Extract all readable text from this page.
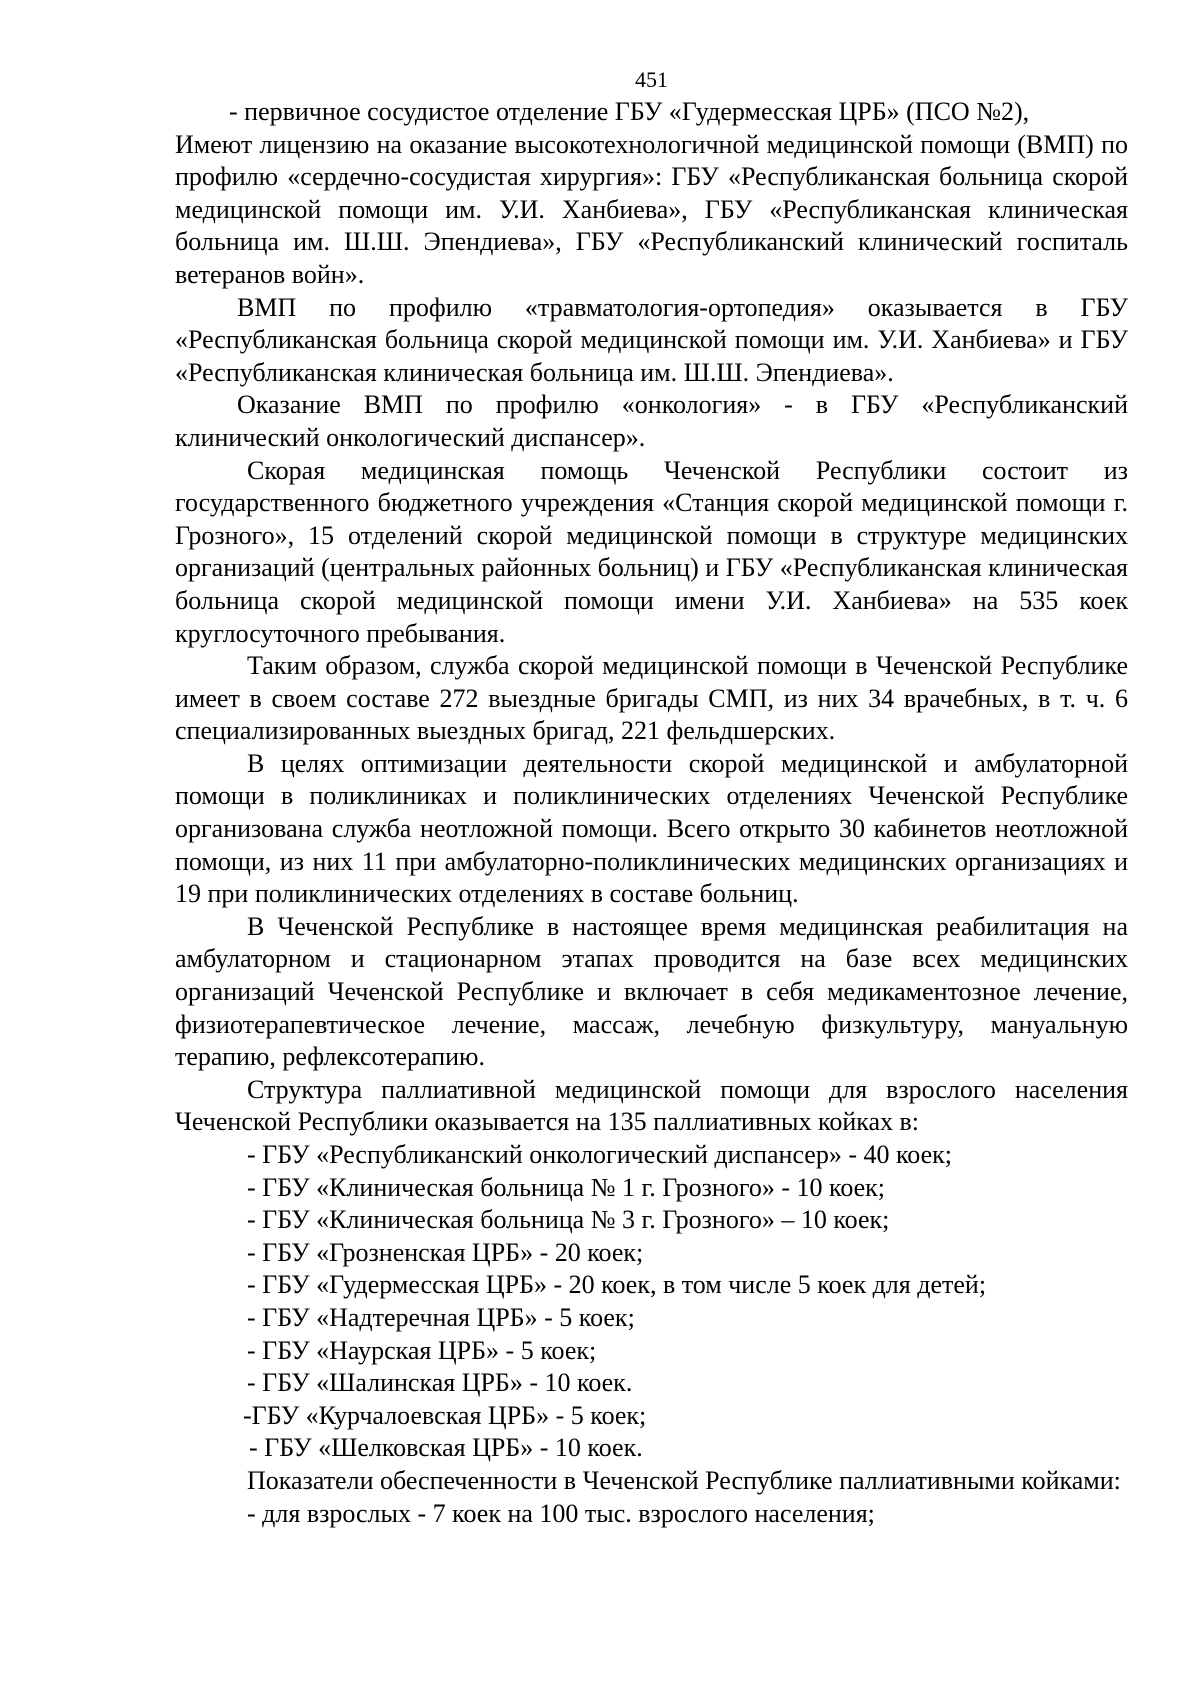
451

- первичное сосудистое отделение ГБУ «Гудермесская ЦРБ» (ПСО №2),

Имеют лицензию на оказание высокотехнологичной медицинской помощи (ВМП) по профилю «сердечно-сосудистая хирургия»: ГБУ «Республиканская больница скорой медицинской помощи им. У.И. Ханбиева», ГБУ «Республиканская клиническая больница им. Ш.Ш. Эпендиева», ГБУ «Республиканский клинический госпиталь ветеранов войн».

ВМП по профилю «травматология-ортопедия» оказывается в ГБУ «Республиканская больница скорой медицинской помощи им. У.И. Ханбиева» и ГБУ «Республиканская клиническая больница им. Ш.Ш. Эпендиева».

Оказание ВМП по профилю «онкология» - в ГБУ «Республиканский клинический онкологический диспансер».

Скорая медицинская помощь Чеченской Республики состоит из государственного бюджетного учреждения «Станция скорой медицинской помощи г. Грозного», 15 отделений скорой медицинской помощи в структуре медицинских организаций (центральных районных больниц) и ГБУ «Республиканская клиническая больница скорой медицинской помощи имени У.И. Ханбиева» на 535 коек круглосуточного пребывания.

Таким образом, служба скорой медицинской помощи в Чеченской Республике имеет в своем составе 272 выездные бригады СМП, из них 34 врачебных, в т. ч. 6 специализированных выездных бригад, 221 фельдшерских.

В целях оптимизации деятельности скорой медицинской и амбулаторной помощи в поликлиниках и поликлинических отделениях Чеченской Республике организована служба неотложной помощи. Всего открыто 30 кабинетов неотложной помощи, из них 11 при амбулаторно-поликлинических медицинских организациях и 19 при поликлинических отделениях в составе больниц.

В Чеченской Республике в настоящее время медицинская реабилитация на амбулаторном и стационарном этапах проводится на базе всех медицинских организаций Чеченской Республике и включает в себя медикаментозное лечение, физиотерапевтическое лечение, массаж, лечебную физкультуру, мануальную терапию, рефлексотерапию.

Структура паллиативной медицинской помощи для взрослого населения Чеченской Республики оказывается на 135 паллиативных койках в:

- ГБУ «Республиканский онкологический диспансер» - 40 коек;
- ГБУ «Клиническая больница № 1 г. Грозного» - 10 коек;
- ГБУ «Клиническая больница № 3 г. Грозного» – 10 коек;
- ГБУ «Грозненская ЦРБ» - 20 коек;
- ГБУ «Гудермесская ЦРБ» - 20 коек, в том числе 5 коек для детей;
- ГБУ «Надтеречная ЦРБ» - 5 коек;
- ГБУ «Наурская ЦРБ» - 5 коек;
- ГБУ «Шалинская ЦРБ» - 10 коек.
-ГБУ «Курчалоевская ЦРБ» - 5 коек;
- ГБУ «Шелковская ЦРБ» - 10 коек.

Показатели обеспеченности в Чеченской Республике паллиативными койками:

- для взрослых - 7 коек на 100 тыс. взрослого населения;
